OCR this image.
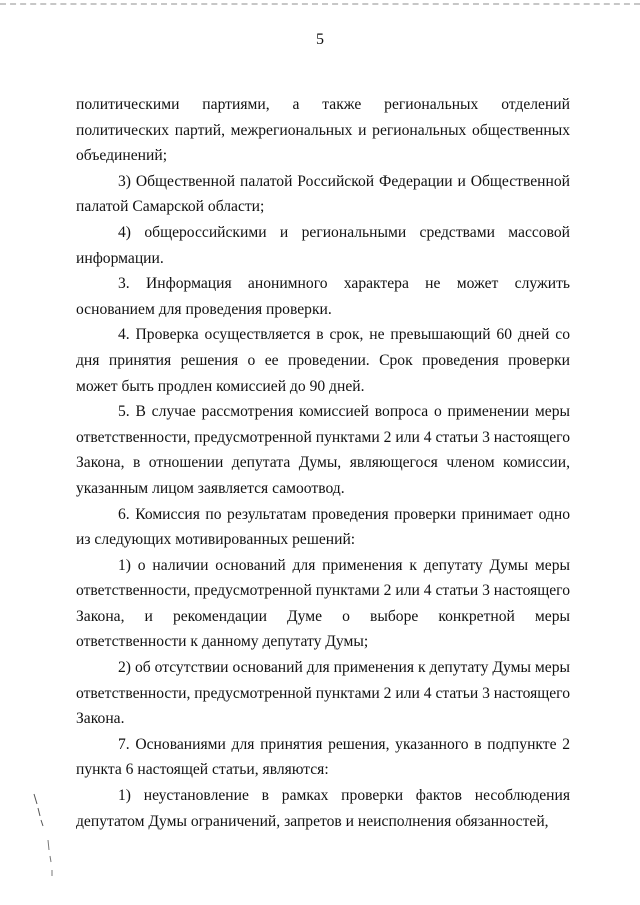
5

политическими партиями, а также региональных отделений политических партий, межрегиональных и региональных общественных объединений;

3) Общественной палатой Российской Федерации и Общественной палатой Самарской области;

4) общероссийскими и региональными средствами массовой информации.

3. Информация анонимного характера не может служить основанием для проведения проверки.

4. Проверка осуществляется в срок, не превышающий 60 дней со дня принятия решения о ее проведении. Срок проведения проверки может быть продлен комиссией до 90 дней.

5. В случае рассмотрения комиссией вопроса о применении меры ответственности, предусмотренной пунктами 2 или 4 статьи 3 настоящего Закона, в отношении депутата Думы, являющегося членом комиссии, указанным лицом заявляется самоотвод.

6. Комиссия по результатам проведения проверки принимает одно из следующих мотивированных решений:

1) о наличии оснований для применения к депутату Думы меры ответственности, предусмотренной пунктами 2 или 4 статьи 3 настоящего Закона, и рекомендации Думе о выборе конкретной меры ответственности к данному депутату Думы;

2) об отсутствии оснований для применения к депутату Думы меры ответственности, предусмотренной пунктами 2 или 4 статьи 3 настоящего Закона.

7. Основаниями для принятия решения, указанного в подпункте 2 пункта 6 настоящей статьи, являются:

1) неустановление в рамках проверки фактов несоблюдения депутатом Думы ограничений, запретов и неисполнения обязанностей,
